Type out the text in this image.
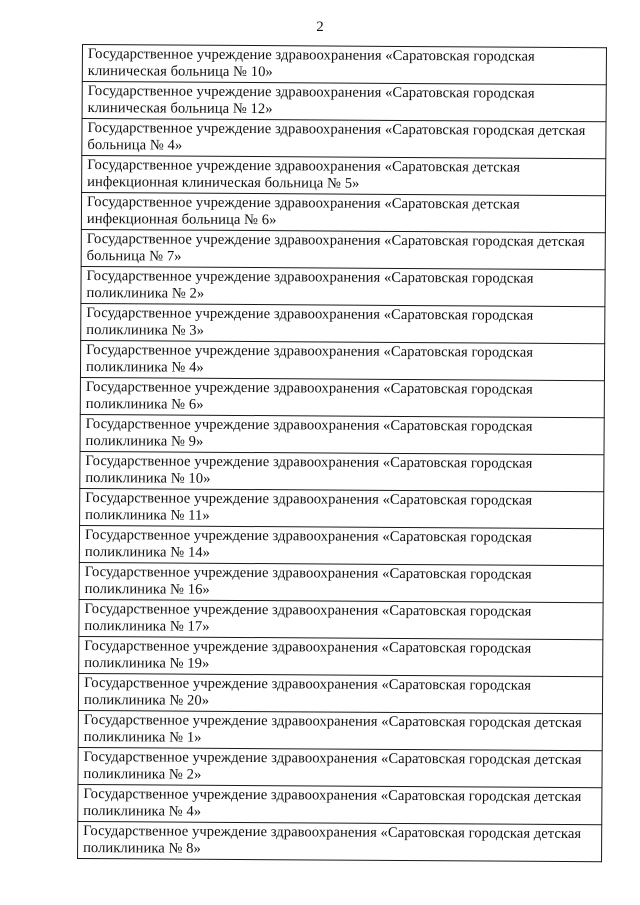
2
Государственное учреждение здравоохранения «Саратовская городская клиническая больница № 10»
Государственное учреждение здравоохранения «Саратовская городская клиническая больница № 12»
Государственное учреждение здравоохранения «Саратовская городская детская больница № 4»
Государственное учреждение здравоохранения «Саратовская детская инфекционная клиническая больница № 5»
Государственное учреждение здравоохранения «Саратовская детская инфекционная больница № 6»
Государственное учреждение здравоохранения «Саратовская городская детская больница № 7»
Государственное учреждение здравоохранения «Саратовская городская поликлиника № 2»
Государственное учреждение здравоохранения «Саратовская городская поликлиника № 3»
Государственное учреждение здравоохранения «Саратовская городская поликлиника № 4»
Государственное учреждение здравоохранения «Саратовская городская поликлиника № 6»
Государственное учреждение здравоохранения «Саратовская городская поликлиника № 9»
Государственное учреждение здравоохранения «Саратовская городская поликлиника № 10»
Государственное учреждение здравоохранения «Саратовская городская поликлиника № 11»
Государственное учреждение здравоохранения «Саратовская городская поликлиника № 14»
Государственное учреждение здравоохранения «Саратовская городская поликлиника № 16»
Государственное учреждение здравоохранения «Саратовская городская поликлиника № 17»
Государственное учреждение здравоохранения «Саратовская городская поликлиника № 19»
Государственное учреждение здравоохранения «Саратовская городская поликлиника № 20»
Государственное учреждение здравоохранения «Саратовская городская детская поликлиника № 1»
Государственное учреждение здравоохранения «Саратовская городская детская поликлиника № 2»
Государственное учреждение здравоохранения «Саратовская городская детская поликлиника № 4»
Государственное учреждение здравоохранения «Саратовская городская детская поликлиника № 8»
